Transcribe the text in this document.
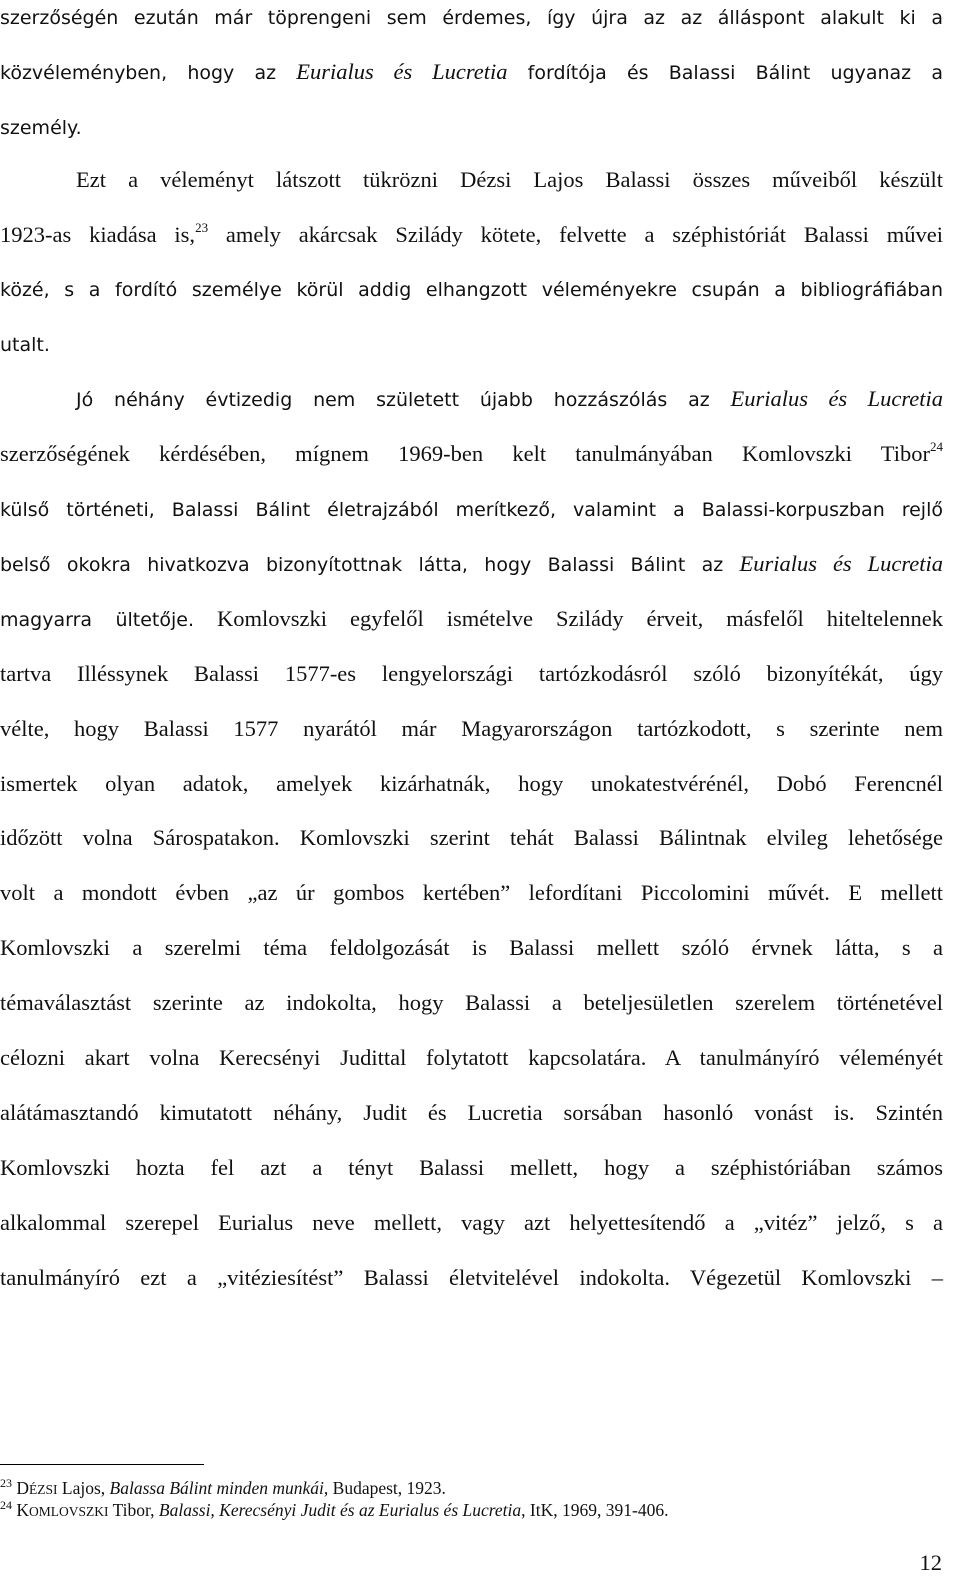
szerzőségén ezután már töprengeni sem érdemes, így újra az az álláspont alakult ki a
közvéleményben, hogy az Eurialus és Lucretia fordítója és Balassi Bálint ugyanaz a
személy.
Ezt a véleményt látszott tükrözni Dézsi Lajos Balassi összes műveiből készült
1923-as kiadása is,$^{23}$ amely akárcsak Szilády kötete, felvette a széphistóriát Balassi művei
közé, s a fordító személye körül addig elhangzott véleményekre csupán a bibliográfiában
utalt.
Jó néhány évtizedig nem született újabb hozzászólás az Eurialus és Lucretia
szerzőségének kérdésében, mígnem 1969-ben kelt tanulmányában Komlovszki Tibor$^{24}$
külső történeti, Balassi Bálint életrajzából merítkező, valamint a Balassi-korpuszban rejlő
belső okokra hivatkozva bizonyítottnak látta, hogy Balassi Bálint az Eurialus és Lucretia
magyarra ültetője. Komlovszki egyfelől ismételve Szilády érveit, másfelől hiteltelennek
tartva Illéssynek Balassi 1577-es lengyelországi tartózkodásról szóló bizonyítékát, úgy
vélte, hogy Balassi 1577 nyarától már Magyarországon tartózkodott, s szerinte nem
ismertek olyan adatok, amelyek kizárhatnák, hogy unokatestvérénél, Dobó Ferencnél
időzött volna Sárospatakon. Komlovszki szerint tehát Balassi Bálintnak elvileg lehetősége
volt a mondott évben „az úr gombos kertében” lefordítani Piccolomini művét. E mellett
Komlovszki a szerelmi téma feldolgozását is Balassi mellett szóló érvnek látta, s a
témaválasztást szerinte az indokolta, hogy Balassi a beteljesületlen szerelem történetével
célozni akart volna Kerecsényi Judittal folytatott kapcsolatára. A tanulmányíró véleményét
alátámasztandó kimutatott néhány, Judit és Lucretia sorsában hasonló vonást is. Szintén
Komlovszki hozta fel azt a tényt Balassi mellett, hogy a széphistóriában számos
alkalommal szerepel Eurialus neve mellett, vagy azt helyettesítendő a „vitéz” jelző, s a
tanulmányíró ezt a „vitéziesítést” Balassi életvitelével indokolta. Végezetül Komlovszki –
$^{23}$ DÉZSI Lajos, Balassa Bálint minden munkái, Budapest, 1923.
$^{24}$ KOMLOVSZKI Tibor, Balassi, Kerecsényi Judit és az Eurialus és Lucretia, ItK, 1969, 391-406.
12
